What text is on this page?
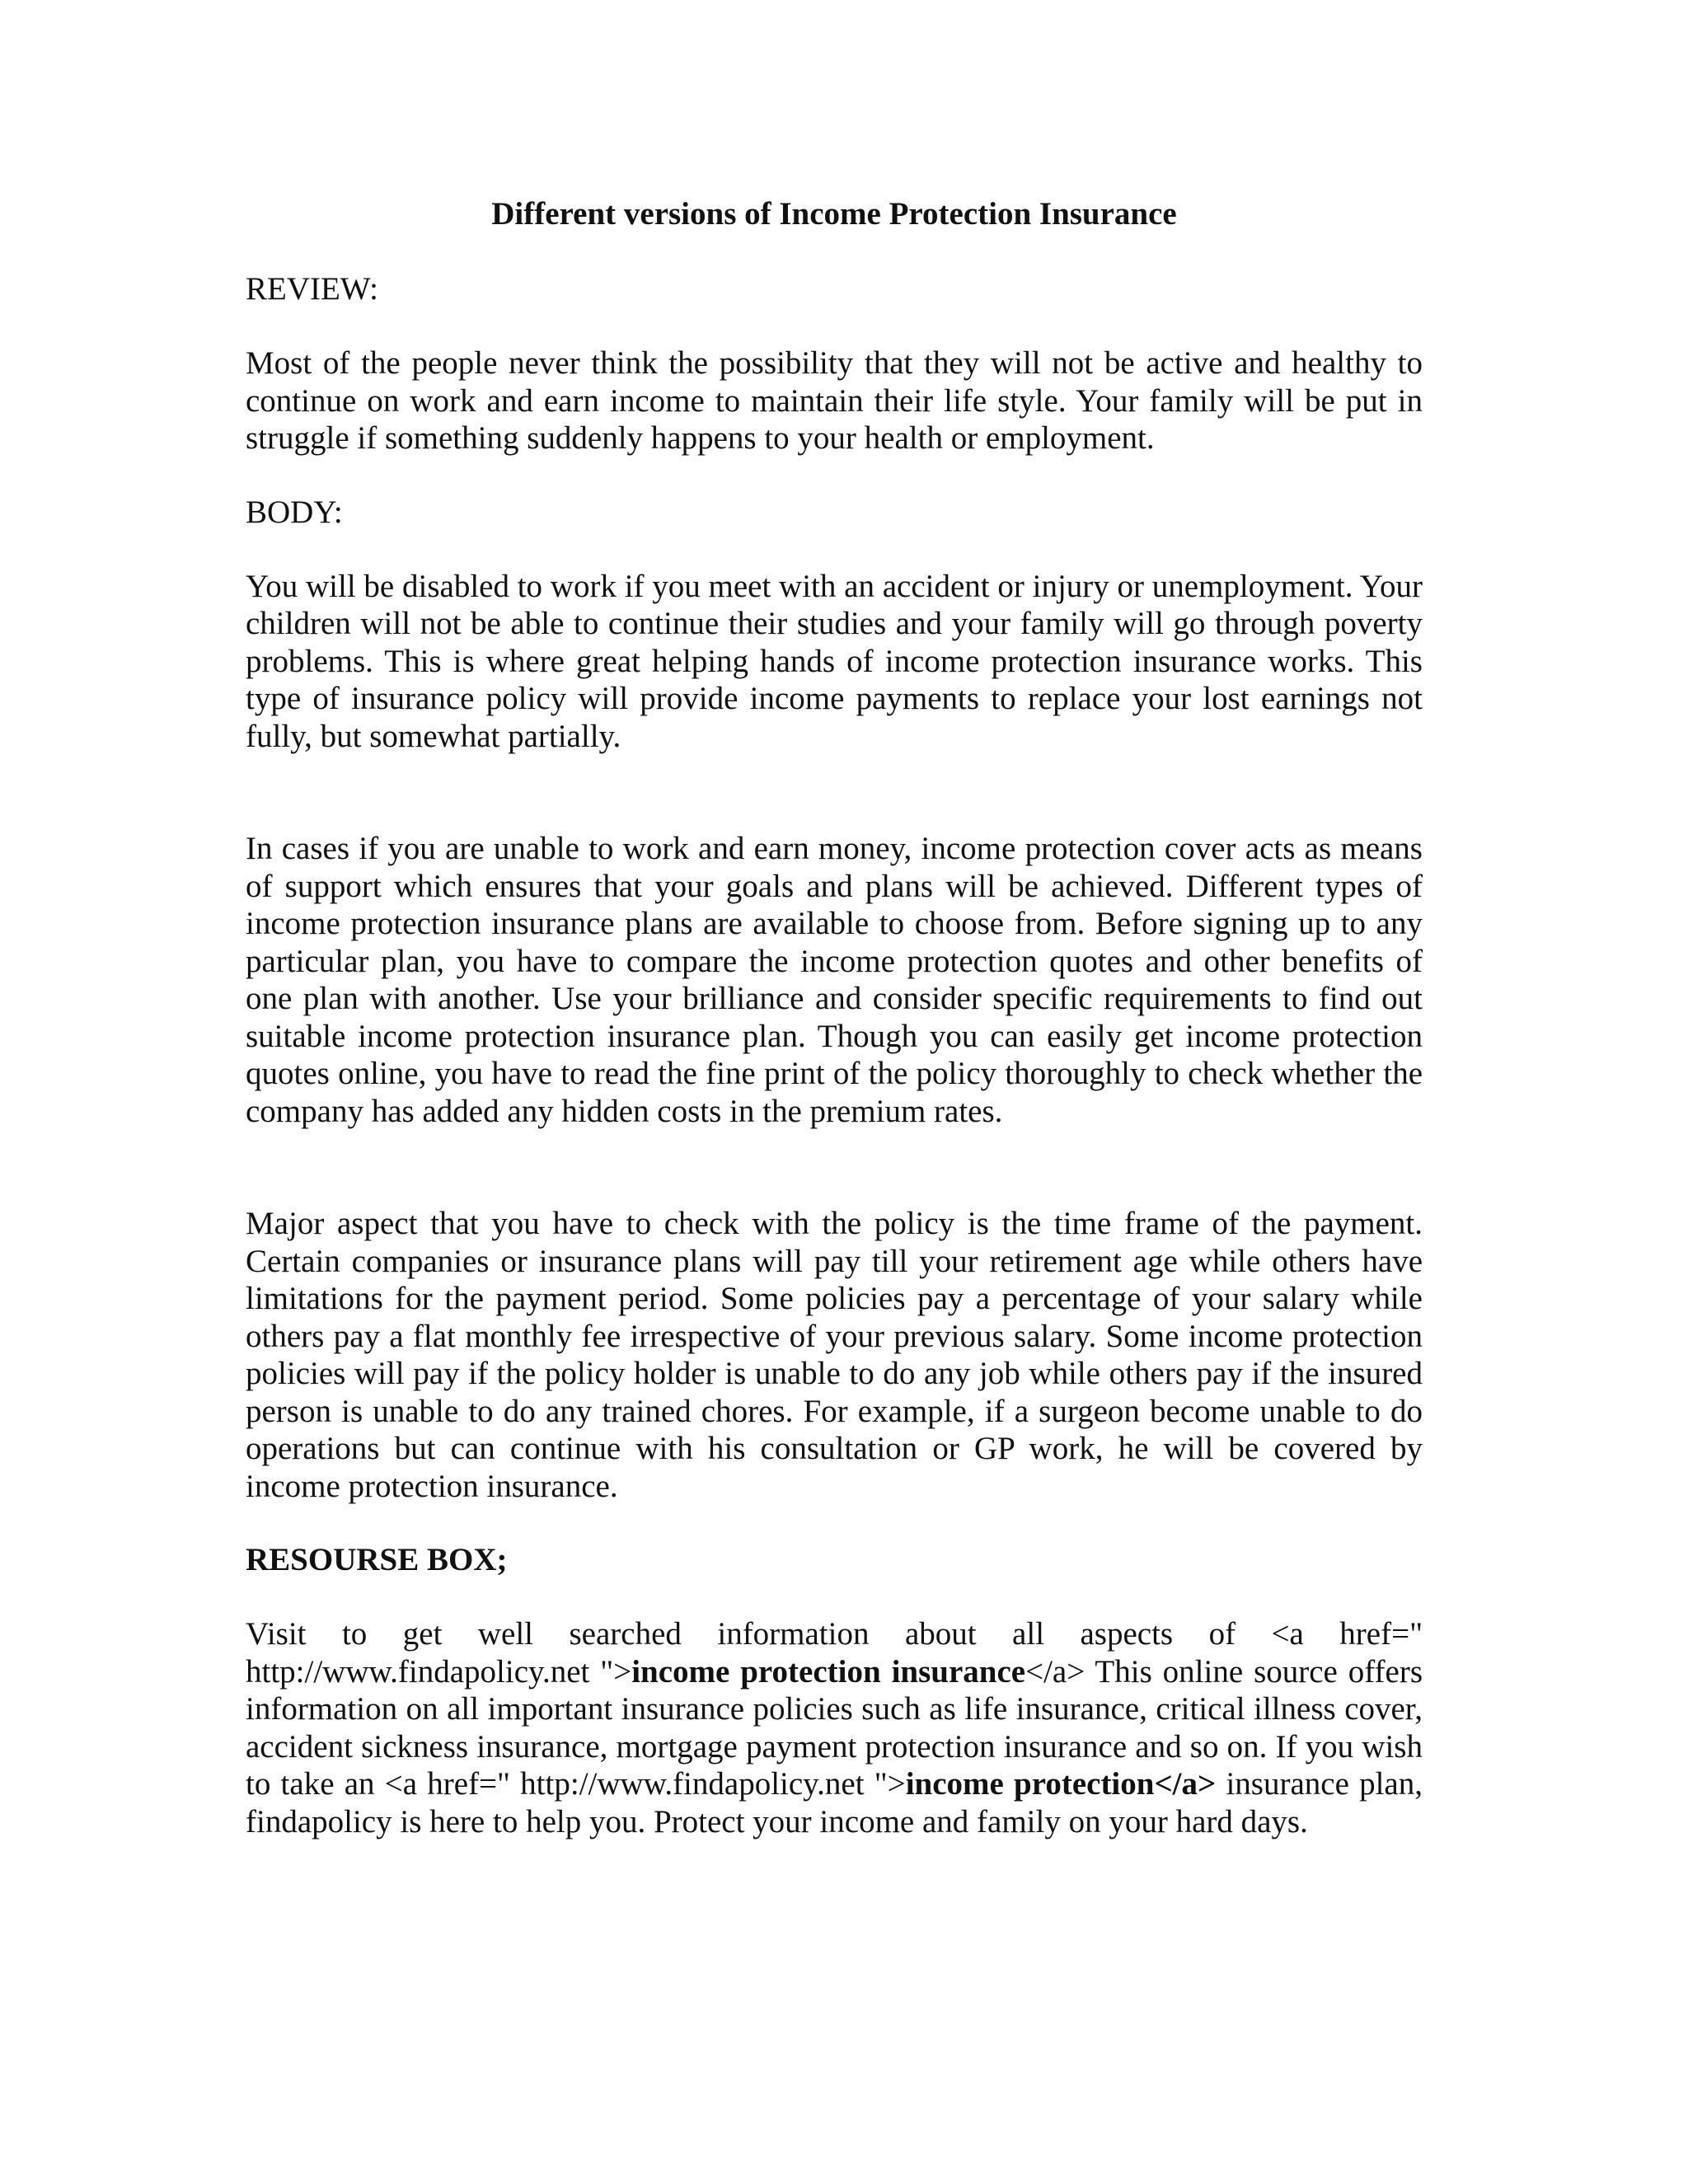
Different versions of Income Protection Insurance
REVIEW:
Most of the people never think the possibility that they will not be active and healthy to continue on work and earn income to maintain their life style. Your family will be put in struggle if something suddenly happens to your health or employment.
BODY:
You will be disabled to work if you meet with an accident or injury or unemployment. Your children will not be able to continue their studies and your family will go through poverty problems. This is where great helping hands of income protection insurance works. This type of insurance policy will provide income payments to replace your lost earnings not fully, but somewhat partially.
In cases if you are unable to work and earn money, income protection cover acts as means of support which ensures that your goals and plans will be achieved. Different types of income protection insurance plans are available to choose from. Before signing up to any particular plan, you have to compare the income protection quotes and other benefits of one plan with another. Use your brilliance and consider specific requirements to find out suitable income protection insurance plan. Though you can easily get income protection quotes online, you have to read the fine print of the policy thoroughly to check whether the company has added any hidden costs in the premium rates.
Major aspect that you have to check with the policy is the time frame of the payment. Certain companies or insurance plans will pay till your retirement age while others have limitations for the payment period. Some policies pay a percentage of your salary while others pay a flat monthly fee irrespective of your previous salary. Some income protection policies will pay if the policy holder is unable to do any job while others pay if the insured person is unable to do any trained chores. For example, if a surgeon become unable to do operations but can continue with his consultation or GP work, he will be covered by income protection insurance.
RESOURSE BOX;
Visit to get well searched information about all aspects of <a href=" http://www.findapolicy.net ">income protection insurance</a> This online source offers information on all important insurance policies such as life insurance, critical illness cover, accident sickness insurance, mortgage payment protection insurance and so on. If you wish to take an <a href=" http://www.findapolicy.net ">income protection</a> insurance plan, findapolicy is here to help you. Protect your income and family on your hard days.
